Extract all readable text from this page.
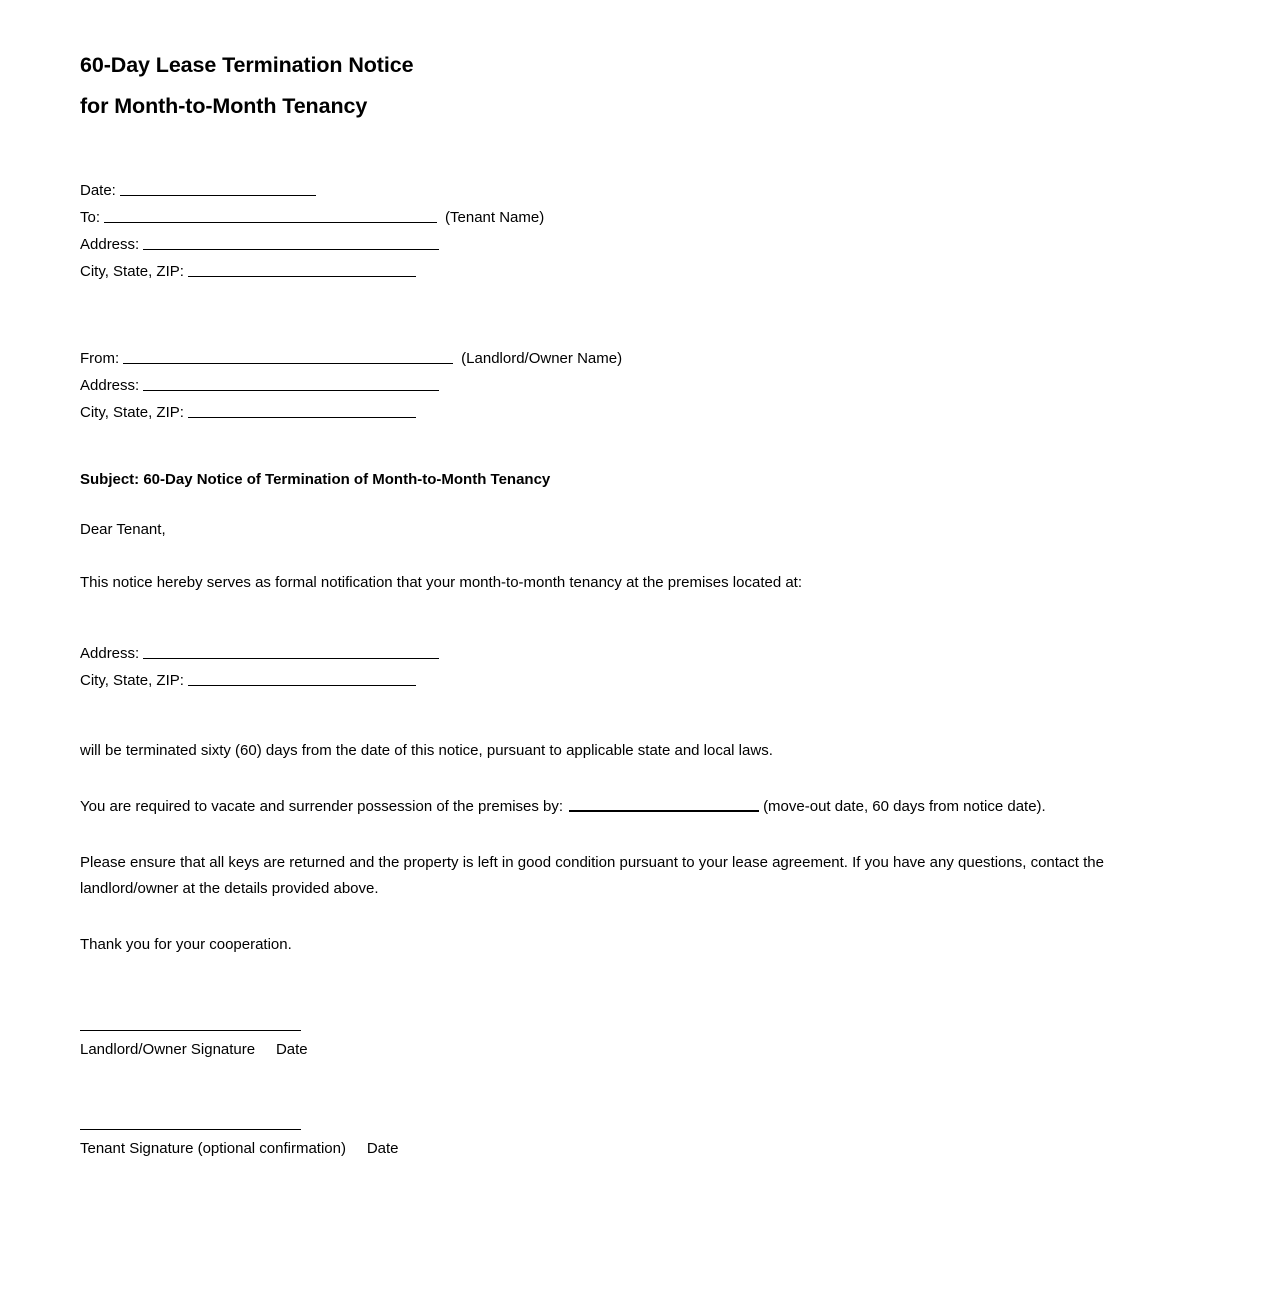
60-Day Lease Termination Notice
for Month-to-Month Tenancy
Date:
To:	(Tenant Name)
Address:
City, State, ZIP:
From:	(Landlord/Owner Name)
Address:
City, State, ZIP:
Subject: 60-Day Notice of Termination of Month-to-Month Tenancy
Dear Tenant,
This notice hereby serves as formal notification that your month-to-month tenancy at the premises located at:
Address:
City, State, ZIP:
will be terminated sixty (60) days from the date of this notice, pursuant to applicable state and local laws.
You are required to vacate and surrender possession of the premises by:	(move-out date, 60 days from notice date).
Please ensure that all keys are returned and the property is left in good condition pursuant to your lease agreement. If you have any questions, contact the landlord/owner at the details provided above.
Thank you for your cooperation.
Landlord/Owner Signature     Date
Tenant Signature (optional confirmation)     Date
